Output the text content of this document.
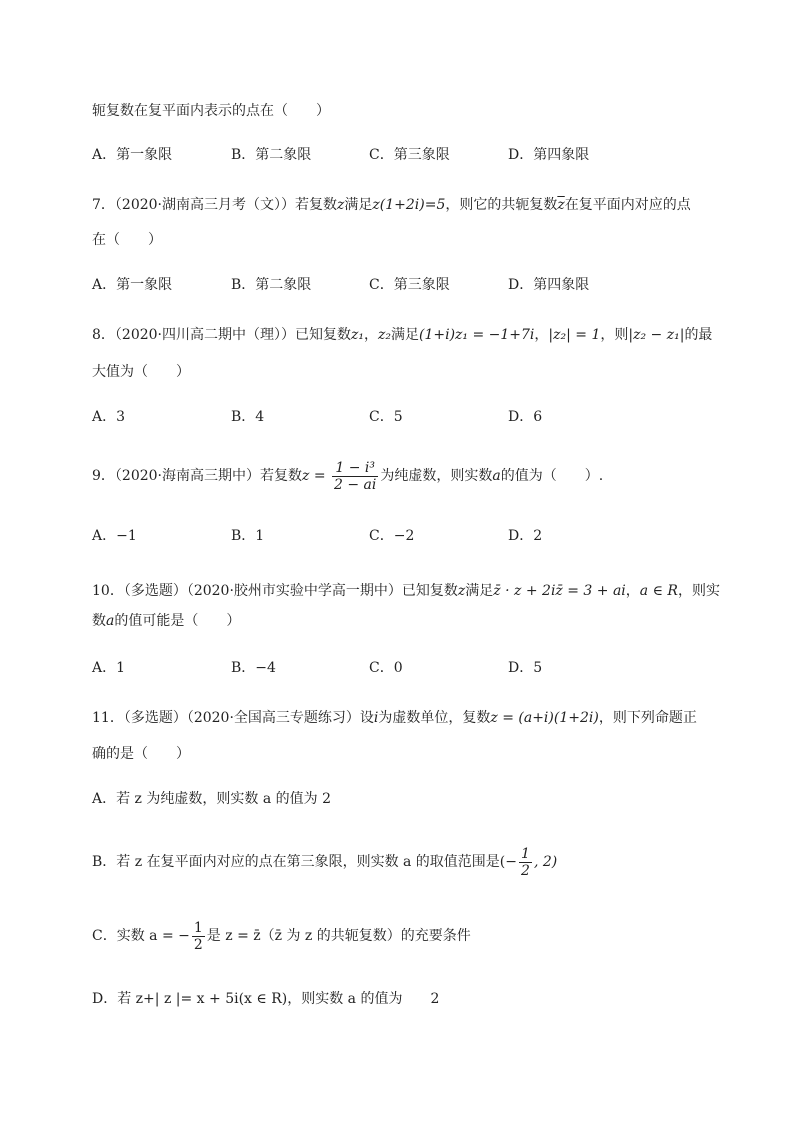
轭复数在复平面内表示的点在（　　）
A．第一象限	B．第二象限	C．第三象限	D．第四象限
7．（2020·湖南高三月考（文））若复数z满足z(1+2i)=5，则它的共轭复数$\overline{z}$在复平面内对应的点
在（　　）
A．第一象限	B．第二象限	C．第三象限	D．第四象限
8．（2020·四川高二期中（理））已知复数z₁，z₂满足(1+i)z₁ = −1+7i，|z₂| = 1，则|z₂ − z₁|的最
大值为（　　）
A．3	B．4	C．5	D．6
9．（2020·海南高三期中）若复数$z = \frac{\text{1 − i³}}{2 - ai}$ 为纯虚数，则实数a的值为（　　）.
A．−1	B．1	C．−2	D．2
10．（多选题）（2020·胶州市实验中学高一期中）已知复数z满足z̄ · z + 2iz̄ = 3 + ai，a ∈ R，则实
数a的值可能是（　　）
A．1	B．−4	C．0	D．5
11．（多选题）（2020·全国高三专题练习）设i为虚数单位，复数z = (a+i)(1+2i)，则下列命题正
确的是（　　）
A．若 z 为纯虚数，则实数 a 的值为 2
B．若 z 在复平面内对应的点在第三象限，则实数 a 的取值范围是(− $\frac{1}{2}$ , 2)
C．实数 a = − $\frac{1}{2}$ 是 z = z̄（z̄ 为 z 的共轭复数）的充要条件
D．若 z+| z |= x + 5i(x ∈ R)，则实数 a 的值为　　2
